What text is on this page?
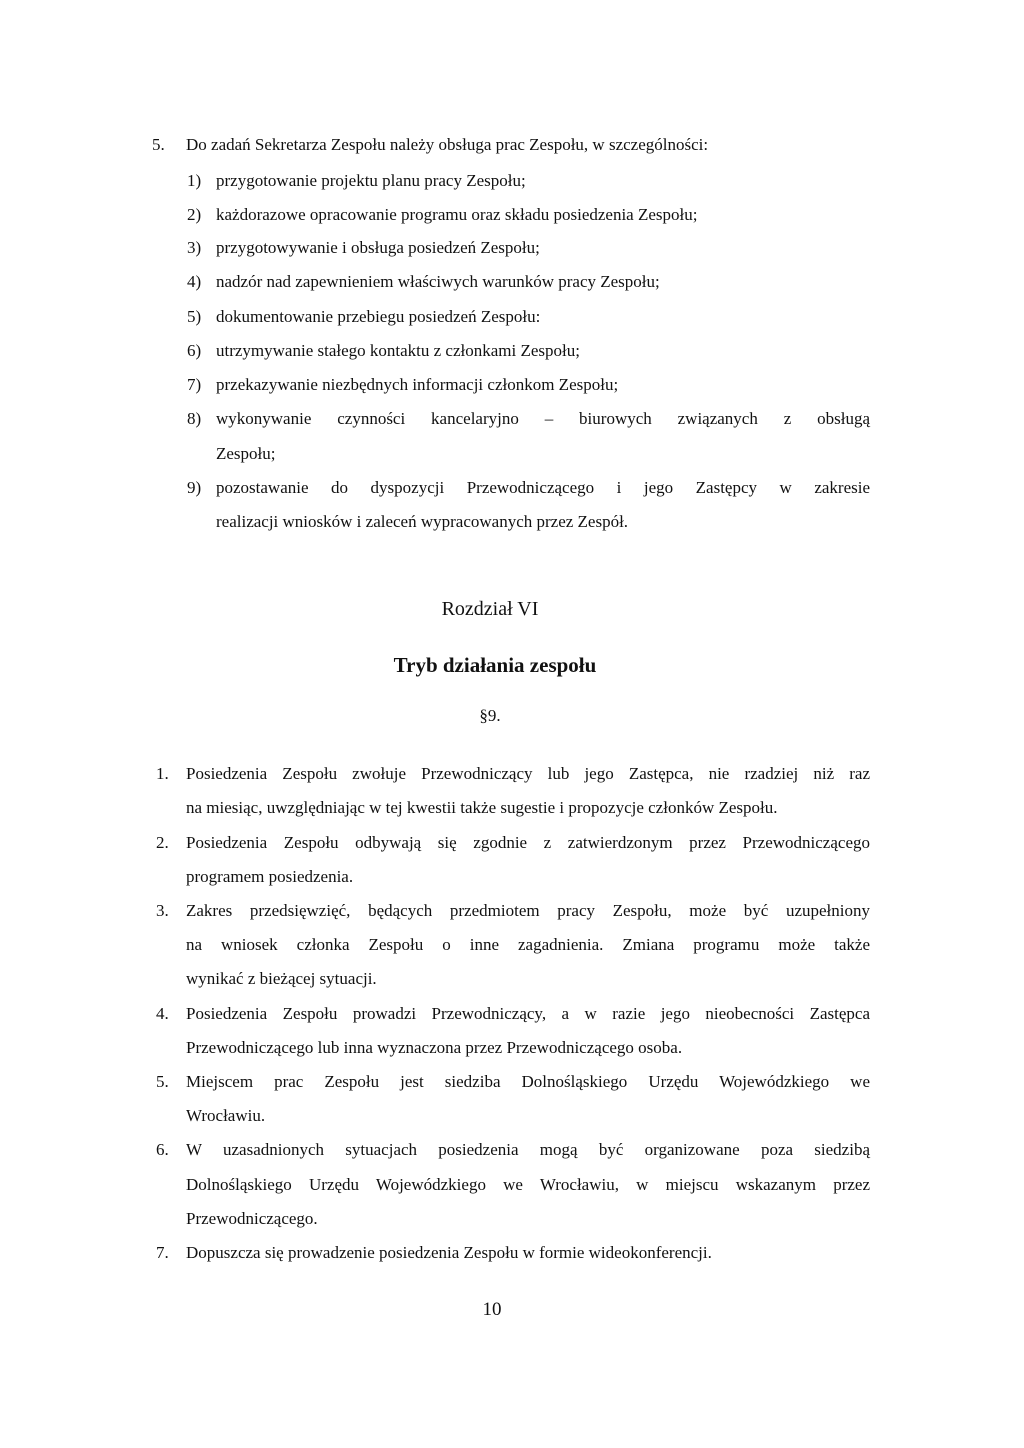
5. Do zadań Sekretarza Zespołu należy obsługa prac Zespołu, w szczególności:
1) przygotowanie projektu planu pracy Zespołu;
2) każdorazowe opracowanie programu oraz składu posiedzenia Zespołu;
3) przygotowywanie i obsługa posiedzeń Zespołu;
4) nadzór nad zapewnieniem właściwych warunków pracy Zespołu;
5) dokumentowanie przebiegu posiedzeń Zespołu:
6) utrzymywanie stałego kontaktu z członkami Zespołu;
7) przekazywanie niezbędnych informacji członkom Zespołu;
8) wykonywanie czynności kancelaryjno – biurowych związanych z obsługą
Zespołu;
9) pozostawanie do dyspozycji Przewodniczącego i jego Zastępcy w zakresie
realizacji wniosków i zaleceń wypracowanych przez Zespół.
Rozdział VI
Tryb działania zespołu
§9.
1. Posiedzenia Zespołu zwołuje Przewodniczący lub jego Zastępca, nie rzadziej niż raz
na miesiąc, uwzględniając w tej kwestii także sugestie i propozycje członków Zespołu.
2. Posiedzenia Zespołu odbywają się zgodnie z zatwierdzonym przez Przewodniczącego
programem posiedzenia.
3. Zakres przedsięwzięć, będących przedmiotem pracy Zespołu, może być uzupełniony
na wniosek członka Zespołu o inne zagadnienia. Zmiana programu może także
wynikać z bieżącej sytuacji.
4. Posiedzenia Zespołu prowadzi Przewodniczący, a w razie jego nieobecności Zastępca
Przewodniczącego lub inna wyznaczona przez Przewodniczącego osoba.
5. Miejscem prac Zespołu jest siedziba Dolnośląskiego Urzędu Wojewódzkiego we
Wrocławiu.
6. W uzasadnionych sytuacjach posiedzenia mogą być organizowane poza siedzibą
Dolnośląskiego Urzędu Wojewódzkiego we Wrocławiu, w miejscu wskazanym przez
Przewodniczącego.
7. Dopuszcza się prowadzenie posiedzenia Zespołu w formie wideokonferencji.
10
